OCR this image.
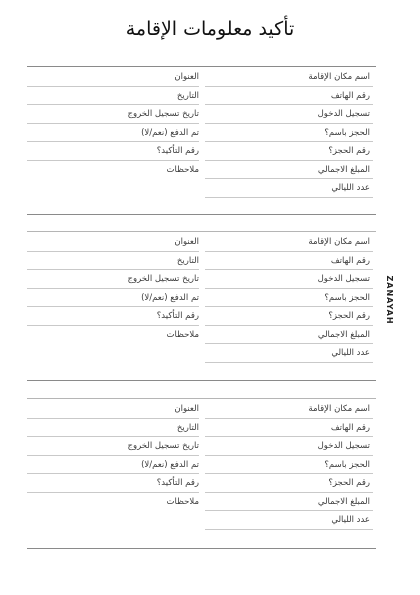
تأكيد معلومات الإقامة
ZANAYAH
اسم مكان الإقامة
العنوان
رقم الهاتف
التاريخ
تسجيل الدخول
تاريخ تسجيل الخروج
الحجز باسم؟
تم الدفع (نعم/لا)
رقم الحجز؟
رقم التأكيد؟
المبلغ الاجمالي
ملاحظات
عدد الليالي
اسم مكان الإقامة
العنوان
رقم الهاتف
التاريخ
تسجيل الدخول
تاريخ تسجيل الخروج
الحجز باسم؟
تم الدفع (نعم/لا)
رقم الحجز؟
رقم التأكيد؟
المبلغ الاجمالي
ملاحظات
عدد الليالي
اسم مكان الإقامة
العنوان
رقم الهاتف
التاريخ
تسجيل الدخول
تاريخ تسجيل الخروج
الحجز باسم؟
تم الدفع (نعم/لا)
رقم الحجز؟
رقم التأكيد؟
المبلغ الاجمالي
ملاحظات
عدد الليالي
